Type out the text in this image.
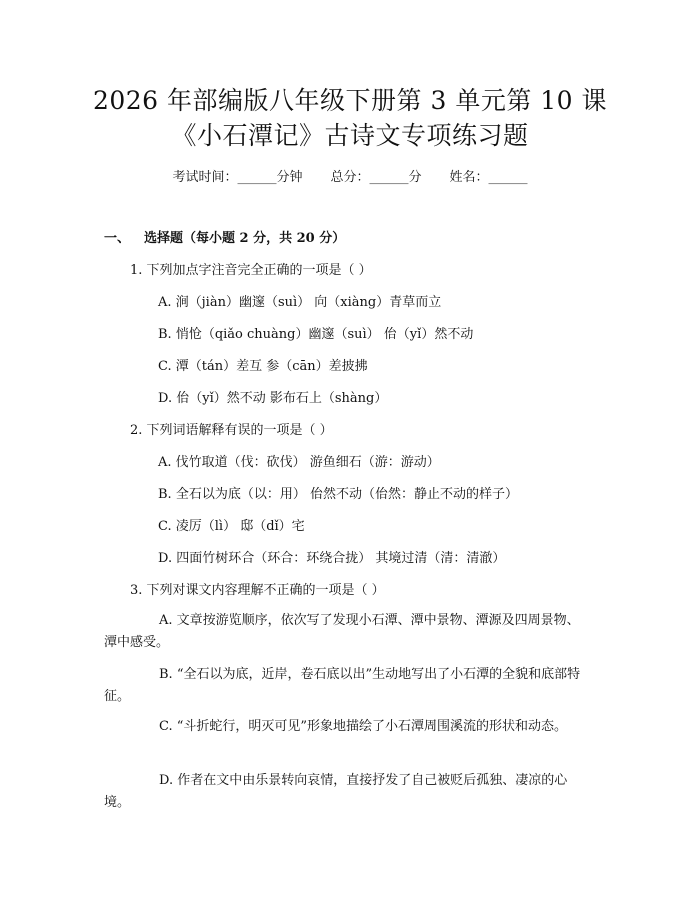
2026 年部编版八年级下册第 3 单元第 10 课
《小石潭记》古诗文专项练习题
考试时间：______分钟 总分：______分 姓名：______
一、 选择题（每小题 2 分，共 20 分）
1. 下列加点字注音完全正确的一项是（ ）
A. 涧（jiàn）幽邃（suì） 向（xiàng）青草而立
B. 悄怆（qiǎo chuàng）幽邃（suì） 佁（yǐ）然不动
C. 潭（tán）差互 参（cān）差披拂
D. 佁（yǐ）然不动 影布石上（shàng）
2. 下列词语解释有误的一项是（ ）
A. 伐竹取道（伐：砍伐） 游鱼细石（游：游动）
B. 全石以为底（以：用） 佁然不动（佁然：静止不动的样子）
C. 凌厉（lì） 邸（dǐ）宅
D. 四面竹树环合（环合：环绕合拢） 其境过清（清：清澈）
3. 下列对课文内容理解不正确的一项是（ ）
A. 文章按游览顺序，依次写了发现小石潭、潭中景物、潭源及四周景物、潭中感受。
B. “全石以为底，近岸，卷石底以出”生动地写出了小石潭的全貌和底部特征。
C. “斗折蛇行，明灭可见”形象地描绘了小石潭周围溪流的形状和动态。
D. 作者在文中由乐景转向哀情，直接抒发了自己被贬后孤独、凄凉的心境。
